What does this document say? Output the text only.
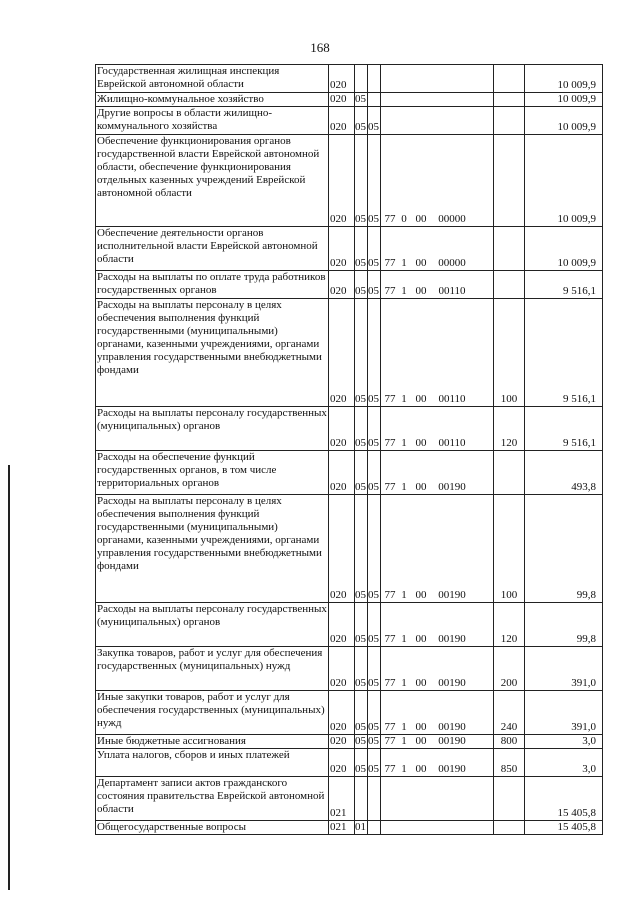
168
Государственная жилищная инспекция Еврейской автономной области	020					10 009,9

Жилищно-коммунальное хозяйство	020	05				10 009,9

Другие вопросы в области жилищно-коммунального хозяйства	020	05	05			10 009,9

Обеспечение функционирования органов государственной власти Еврейской автономной области, обеспечение функционирования отдельных казенных учреждений Еврейской автономной области	020	05	05	77 0 00 00000		10 009,9

Обеспечение деятельности органов исполнительной власти Еврейской автономной области	020	05	05	77 1 00 00000		10 009,9

Расходы на выплаты по оплате труда работников государственных органов	020	05	05	77 1 00 00110		9 516,1

Расходы на выплаты персоналу в целях обеспечения выполнения функций государственными (муниципальными) органами, казенными учреждениями, органами управления государственными внебюджетными фондами	020	05	05	77 1 00 00110	100	9 516,1

Расходы на выплаты персоналу государственных (муниципальных) органов	020	05	05	77 1 00 00110	120	9 516,1

Расходы на обеспечение функций государственных органов, в том числе территориальных органов	020	05	05	77 1 00 00190		493,8

Расходы на выплаты персоналу в целях обеспечения выполнения функций государственными (муниципальными) органами, казенными учреждениями, органами управления государственными внебюджетными фондами	020	05	05	77 1 00 00190	100	99,8

Расходы на выплаты персоналу государственных (муниципальных) органов	020	05	05	77 1 00 00190	120	99,8

Закупка товаров, работ и услуг для обеспечения государственных (муниципальных) нужд	020	05	05	77 1 00 00190	200	391,0

Иные закупки товаров, работ и услуг для обеспечения государственных (муниципальных) нужд	020	05	05	77 1 00 00190	240	391,0

Иные бюджетные ассигнования	020	05	05	77 1 00 00190	800	3,0

Уплата налогов, сборов и иных платежей	020	05	05	77 1 00 00190	850	3,0

Департамент записи актов гражданского состояния правительства Еврейской автономной области	021					15 405,8

Общегосударственные вопросы	021	01				15 405,8
